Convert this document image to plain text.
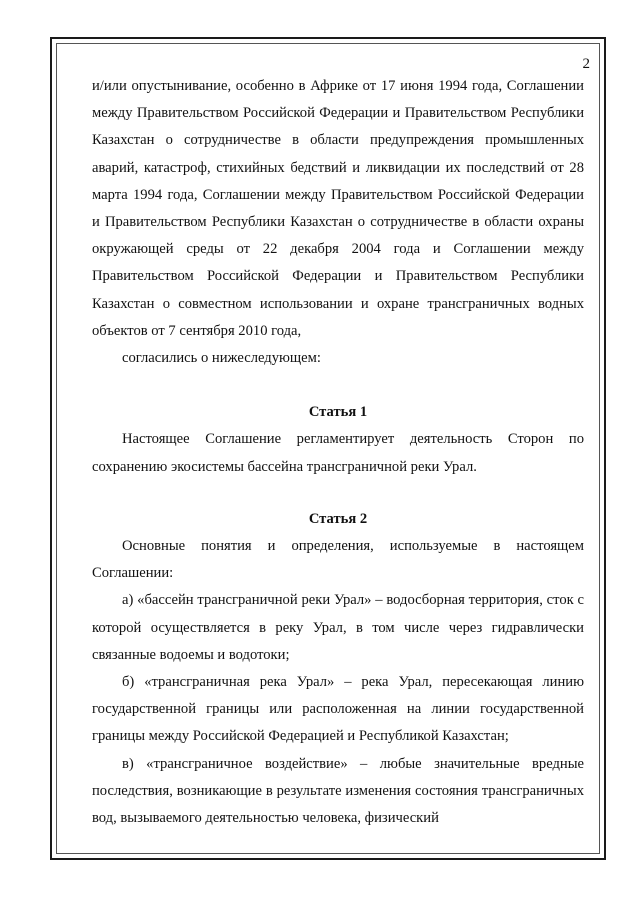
2

и/или опустынивание, особенно в Африке от 17 июня 1994 года, Соглашении между Правительством Российской Федерации и Правительством Республики Казахстан о сотрудничестве в области предупреждения промышленных аварий, катастроф, стихийных бедствий и ликвидации их последствий от 28 марта 1994 года, Соглашении между Правительством Российской Федерации и Правительством Республики Казахстан о сотрудничестве в области охраны окружающей среды от 22 декабря 2004 года и Соглашении между Правительством Российской Федерации и Правительством Республики Казахстан о совместном использовании и охране трансграничных водных объектов от 7 сентября 2010 года,

согласились о нижеследующем:

Статья 1

Настоящее Соглашение регламентирует деятельность Сторон по сохранению экосистемы бассейна трансграничной реки Урал.

Статья 2

Основные понятия и определения, используемые в настоящем Соглашении:

а) «бассейн трансграничной реки Урал» – водосборная территория, сток с которой осуществляется в реку Урал, в том числе через гидравлически связанные водоемы и водотоки;

б) «трансграничная река Урал» – река Урал, пересекающая линию государственной границы или расположенная на линии государственной границы между Российской Федерацией и Республикой Казахстан;

в) «трансграничное воздействие» – любые значительные вредные последствия, возникающие в результате изменения состояния трансграничных вод, вызываемого деятельностью человека, физический
